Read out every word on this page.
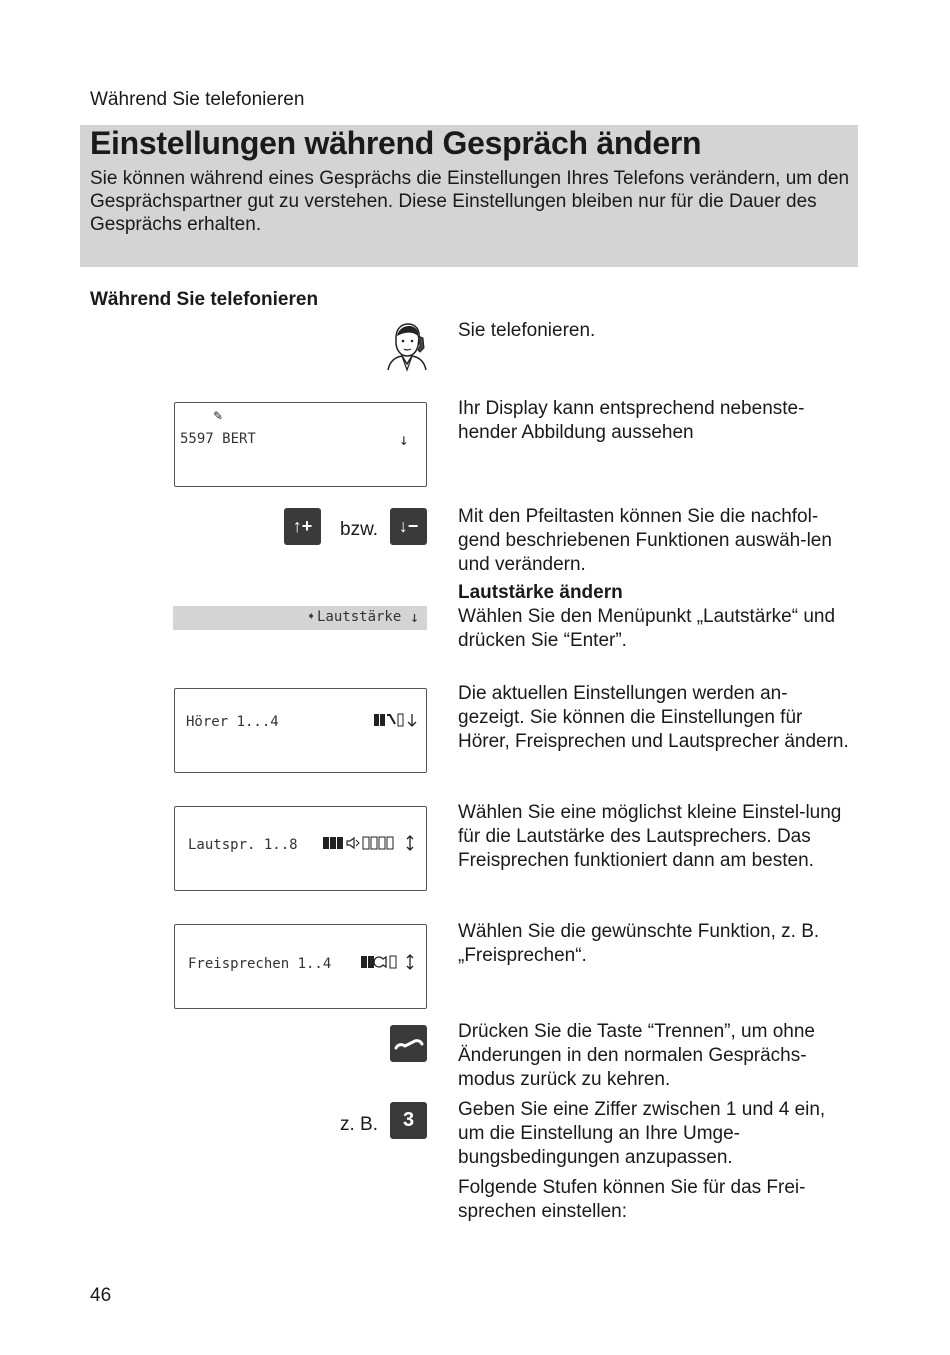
Während Sie telefonieren
Einstellungen während Gespräch ändern
Sie können während eines Gesprächs die Einstellungen Ihres Telefons verändern, um den Gesprächspartner gut zu verstehen. Diese Einstellungen bleiben nur für die Dauer des Gesprächs erhalten.
Während Sie telefonieren
Sie telefonieren.
✎
5597 BERT	↓
Ihr Display kann entsprechend nebenste-hender Abbildung aussehen
↑+	bzw.	↓−	Mit den Pfeiltasten können Sie die nachfol-gend beschriebenen Funktionen auswäh-len und verändern.
➧ Lautstärke ↓
Lautstärke ändern
Wählen Sie den Menüpunkt „Lautstärke“ und drücken Sie “Enter”.
Hörer 1...4
Die aktuellen Einstellungen werden an-gezeigt. Sie können die Einstellungen für Hörer, Freisprechen und Lautsprecher ändern.
Lautspr. 1..8
Wählen Sie eine möglichst kleine Einstel-lung für die Lautstärke des Lautsprechers. Das Freisprechen funktioniert dann am besten.
Freisprechen 1..4
Wählen Sie die gewünschte Funktion, z. B. „Freisprechen“.
Drücken Sie die Taste “Trennen”, um ohne Änderungen in den normalen Gesprächs-modus zurück zu kehren.
z. B.	3	Geben Sie eine Ziffer zwischen 1 und 4 ein, um die Einstellung an Ihre Umge-bungsbedingungen anzupassen.
Folgende Stufen können Sie für das Frei-sprechen einstellen:
46
